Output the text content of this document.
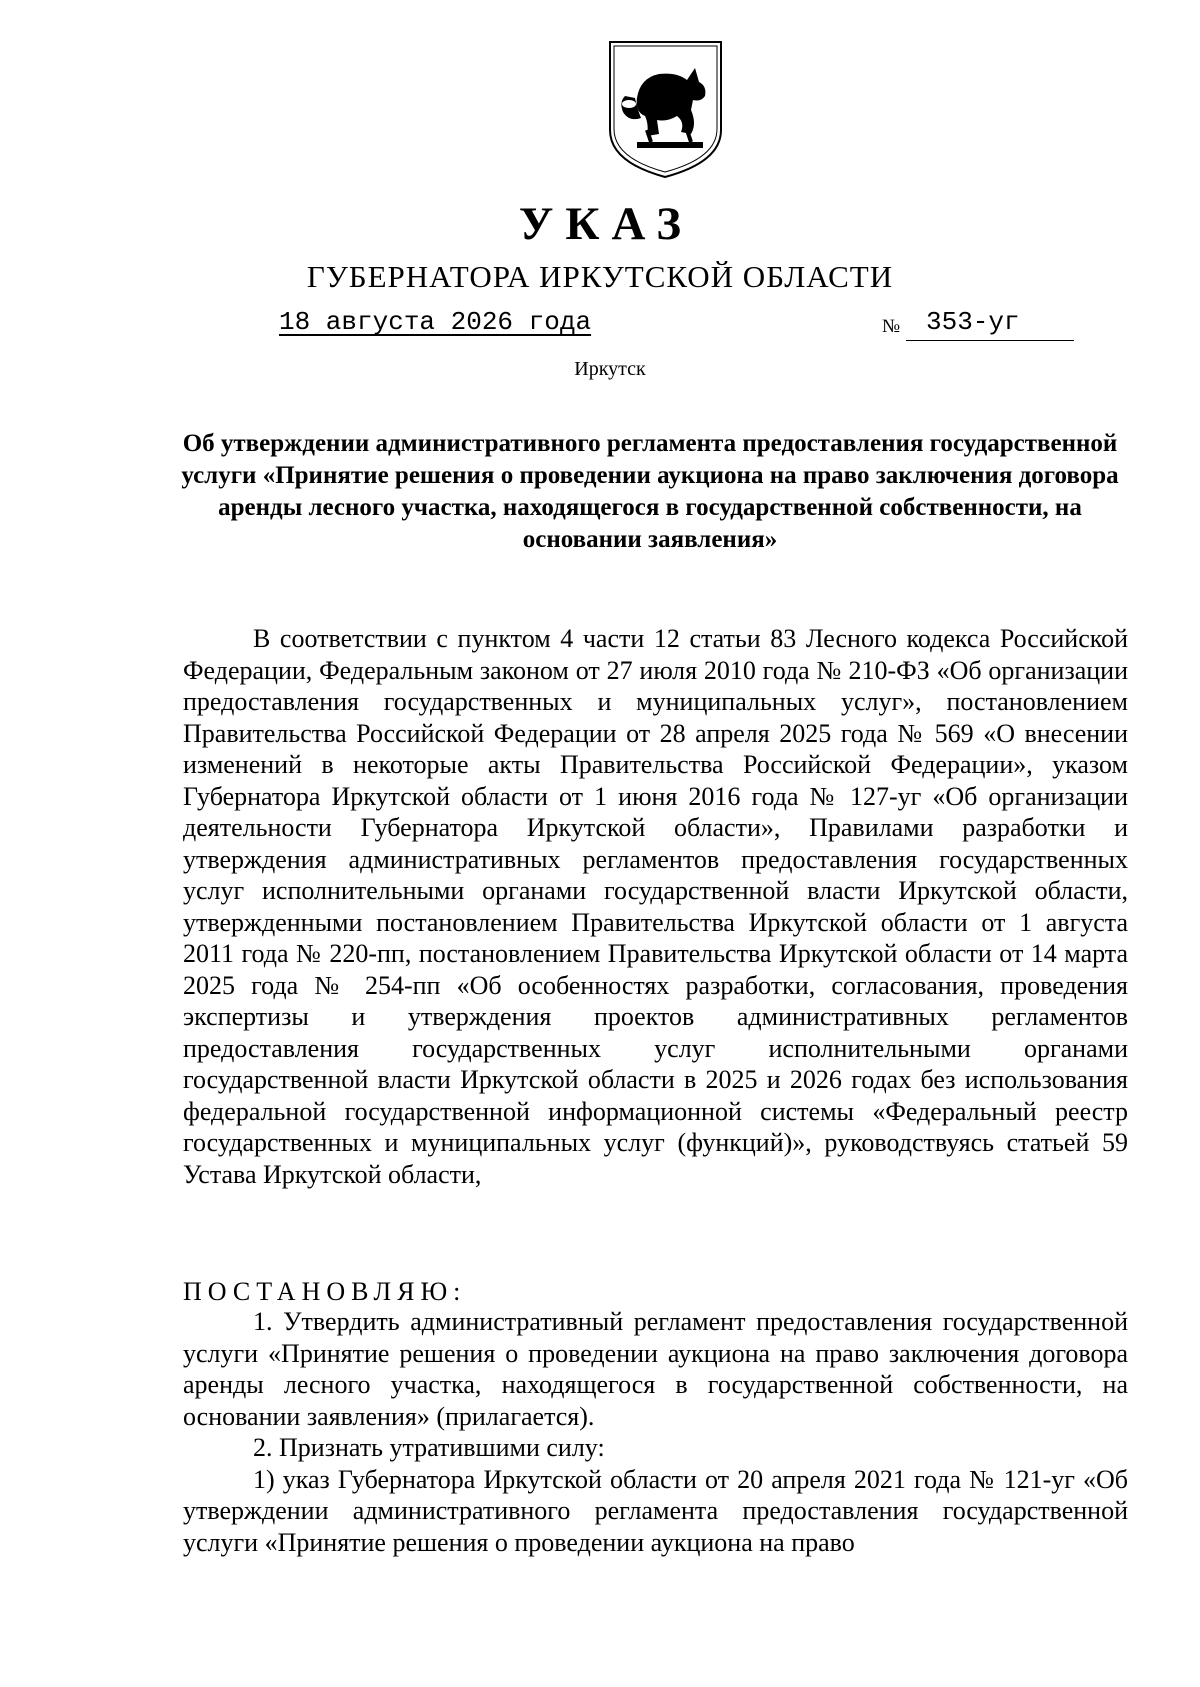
УКАЗ
ГУБЕРНАТОРА ИРКУТСКОЙ ОБЛАСТИ
18 августа 2026 года	№ 353-уг
Иркутск
Об утверждении административного регламента предоставления государственной услуги «Принятие решения о проведении аукциона на право заключения договора аренды лесного участка, находящегося в государственной собственности, на основании заявления»

В соответствии с пунктом 4 части 12 статьи 83 Лесного кодекса Российской Федерации, Федеральным законом от 27 июля 2010 года № 210-ФЗ «Об организации предоставления государственных и муниципальных услуг», постановлением Правительства Российской Федерации от 28 апреля 2025 года № 569 «О внесении изменений в некоторые акты Правительства Российской Федерации», указом Губернатора Иркутской области от 1 июня 2016 года № 127-уг «Об организации деятельности Губернатора Иркутской области», Правилами разработки и утверждения административных регламентов предоставления государственных услуг исполнительными органами государственной власти Иркутской области, утвержденными постановлением Правительства Иркутской области от 1 августа 2011 года № 220-пп, постановлением Правительства Иркутской области от 14 марта 2025 года № 254-пп «Об особенностях разработки, согласования, проведения экспертизы и утверждения проектов административных регламентов предоставления государственных услуг исполнительными органами государственной власти Иркутской области в 2025 и 2026 годах без использования федеральной государственной информационной системы «Федеральный реестр государственных и муниципальных услуг (функций)», руководствуясь статьей 59 Устава Иркутской области,

ПОСТАНОВЛЯЮ:

1. Утвердить административный регламент предоставления государственной услуги «Принятие решения о проведении аукциона на право заключения договора аренды лесного участка, находящегося в государственной собственности, на основании заявления» (прилагается).

2. Признать утратившими силу:

1) указ Губернатора Иркутской области от 20 апреля 2021 года № 121-уг «Об утверждении административного регламента предоставления государственной услуги «Принятие решения о проведении аукциона на право
